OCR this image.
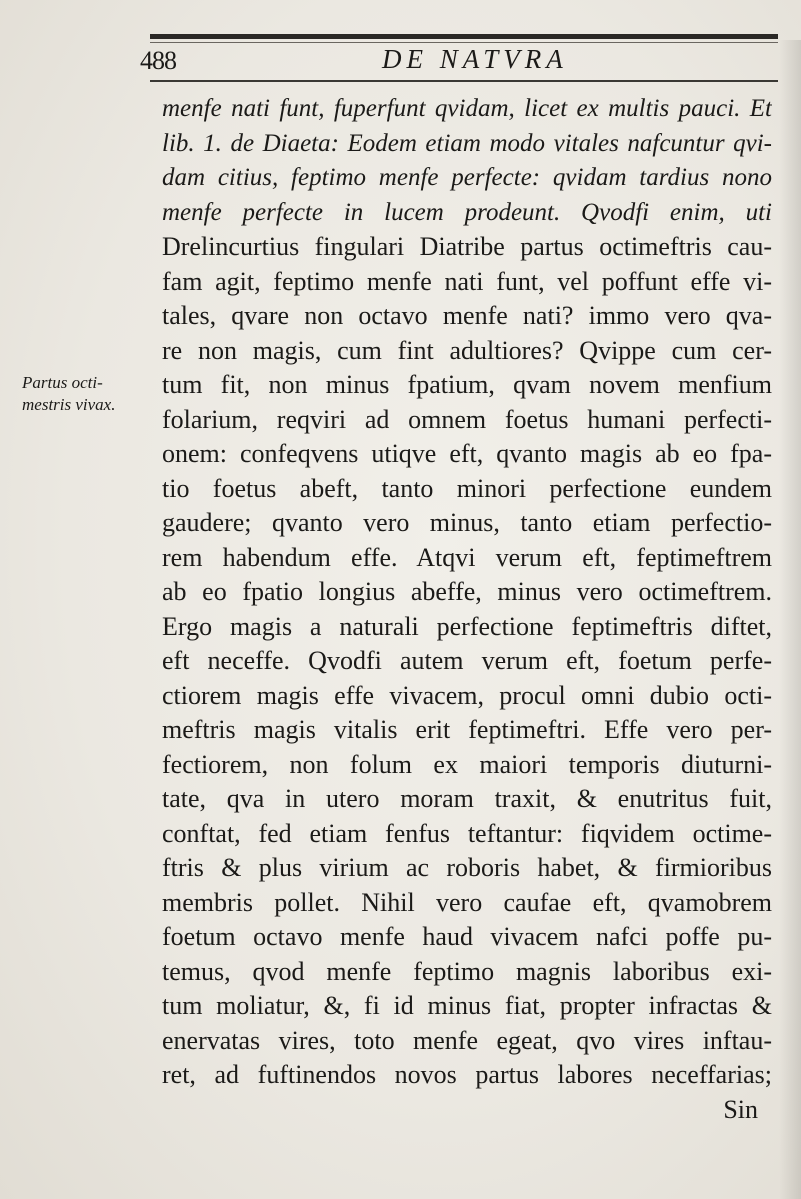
488	DE NATVRA
Partus octi-
mestris vivax.
menfe nati funt, fuperfunt qvidam, licet ex multis pauci. Et
lib. 1. de Diaeta: Eodem etiam modo vitales nafcuntur qvi-
dam citius, feptimo menfe perfecte: qvidam tardius nono
menfe perfecte in lucem prodeunt. Qvodfi enim, uti
Drelincurtius fingulari Diatribe partus octimeftris cau-
fam agit, feptimo menfe nati funt, vel poffunt effe vi-
tales, qvare non octavo menfe nati? immo vero qva-
re non magis, cum fint adultiores? Qvippe cum cer-
tum fit, non minus fpatium, qvam novem menfium
folarium, reqviri ad omnem foetus humani perfecti-
onem: confeqvens utiqve eft, qvanto magis ab eo fpa-
tio foetus abeft, tanto minori perfectione eundem
gaudere; qvanto vero minus, tanto etiam perfectio-
rem habendum effe. Atqvi verum eft, feptimeftrem
ab eo fpatio longius abeffe, minus vero octimeftrem.
Ergo magis a naturali perfectione feptimeftris diftet,
eft neceffe. Qvodfi autem verum eft, foetum perfe-
ctiorem magis effe vivacem, procul omni dubio octi-
meftris magis vitalis erit feptimeftri. Effe vero per-
fectiorem, non folum ex maiori temporis diuturni-
tate, qva in utero moram traxit, & enutritus fuit,
conftat, fed etiam fenfus teftantur: fiqvidem octime-
ftris & plus virium ac roboris habet, & firmioribus
membris pollet. Nihil vero caufae eft, qvamobrem
foetum octavo menfe haud vivacem nafci poffe pu-
temus, qvod menfe feptimo magnis laboribus exi-
tum moliatur, &, fi id minus fiat, propter infractas &
enervatas vires, toto menfe egeat, qvo vires inftau-
ret, ad fuftinendos novos partus labores neceffarias;
Sin
